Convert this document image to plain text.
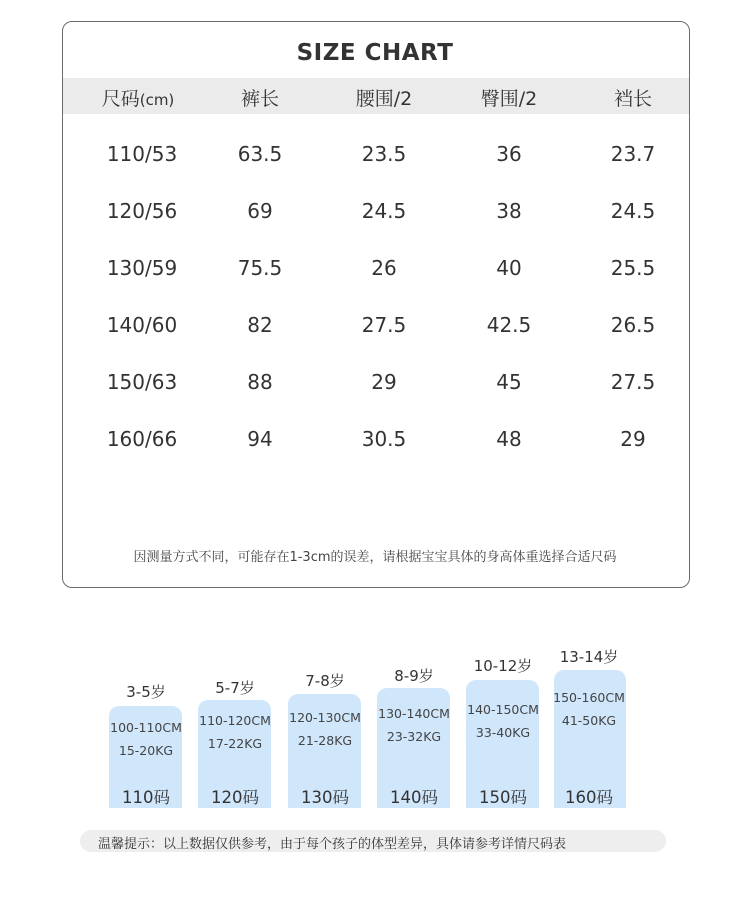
SIZE CHART
尺码(cm)	裤长	腰围/2	臀围/2	裆长
110/53	63.5	23.5	36	23.7
120/56	69	24.5	38	24.5
130/59	75.5	26	40	25.5
140/60	82	27.5	42.5	26.5
150/63	88	29	45	27.5
160/66	94	30.5	48	29
因测量方式不同，可能存在1-3cm的误差，请根据宝宝具体的身高体重选择合适尺码
3-5岁
100-110CM
15-20KG
110码
5-7岁
110-120CM
17-22KG
120码
7-8岁
120-130CM
21-28KG
130码
8-9岁
130-140CM
23-32KG
140码
10-12岁
140-150CM
33-40KG
150码
13-14岁
150-160CM
41-50KG
160码
温馨提示：以上数据仅供参考，由于每个孩子的体型差异，具体请参考详情尺码表
